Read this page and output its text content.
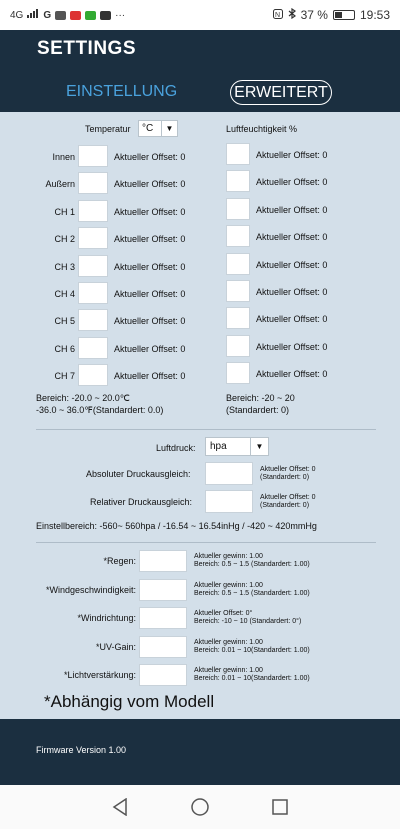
4G G	···	N 37 %	19:53
SETTINGS
EINSTELLUNG	ERWEITERT
Temperatur	°C	▼	Luftfeuchtigkeit %
Innen	Aktueller Offset: 0	Aktueller Offset: 0
Außern	Aktueller Offset: 0	Aktueller Offset: 0
CH 1	Aktueller Offset: 0	Aktueller Offset: 0
CH 2	Aktueller Offset: 0	Aktueller Offset: 0
CH 3	Aktueller Offset: 0	Aktueller Offset: 0
CH 4	Aktueller Offset: 0	Aktueller Offset: 0
CH 5	Aktueller Offset: 0	Aktueller Offset: 0
CH 6	Aktueller Offset: 0	Aktueller Offset: 0
CH 7	Aktueller Offset: 0	Aktueller Offset: 0
Bereich: -20.0 ~ 20.0℃
-36.0 ~ 36.0℉(Standardert: 0.0)
Bereich: -20 ~ 20
(Standardert: 0)
Luftdruck:	hpa	▼
Absoluter Druckausgleich:	Aktueller Offset: 0
(Standardert: 0)
Relativer Druckausgleich:	Aktueller Offset: 0
(Standardert: 0)
Einstellbereich: -560~ 560hpa / -16.54 ~ 16.54inHg / -420 ~ 420mmHg
*Regen:	Aktueller gewinn: 1.00
Bereich: 0.5 ~ 1.5 (Standardert: 1.00)
*Windgeschwindigkeit:	Aktueller gewinn: 1.00
Bereich: 0.5 ~ 1.5 (Standardert: 1.00)
*Windrichtung:	Aktueller Offset: 0°
Bereich: -10 ~ 10 (Standardert: 0°)
*UV-Gain:	Aktueller gewinn: 1.00
Bereich: 0.01 ~ 10(Standardert: 1.00)
*Lichtverstärkung:	Aktueller gewinn: 1.00
Bereich: 0.01 ~ 10(Standardert: 1.00)
*Abhängig vom Modell
Firmware Version 1.00
